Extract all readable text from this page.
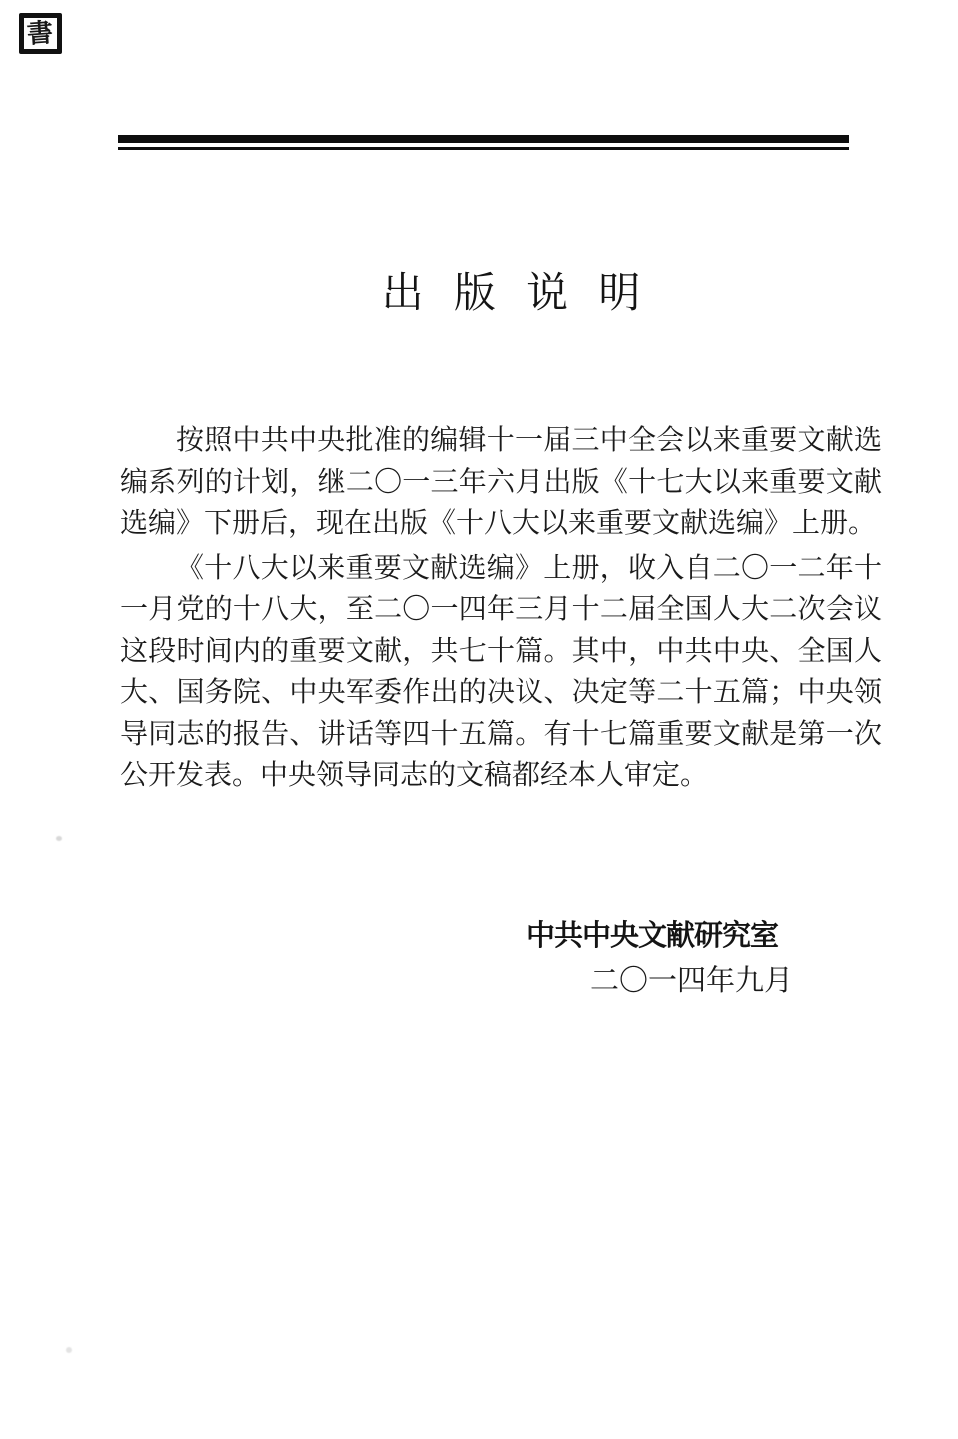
書
出版说明
按照中共中央批准的编辑十一届三中全会以来重要文献选
编系列的计划，继二〇一三年六月出版《十七大以来重要文献
选编》下册后，现在出版《十八大以来重要文献选编》上册。
《十八大以来重要文献选编》上册，收入自二〇一二年十
一月党的十八大，至二〇一四年三月十二届全国人大二次会议
这段时间内的重要文献，共七十篇。其中，中共中央、全国人
大、国务院、中央军委作出的决议、决定等二十五篇；中央领
导同志的报告、讲话等四十五篇。有十七篇重要文献是第一次
公开发表。中央领导同志的文稿都经本人审定。
中共中央文献研究室
二〇一四年九月
